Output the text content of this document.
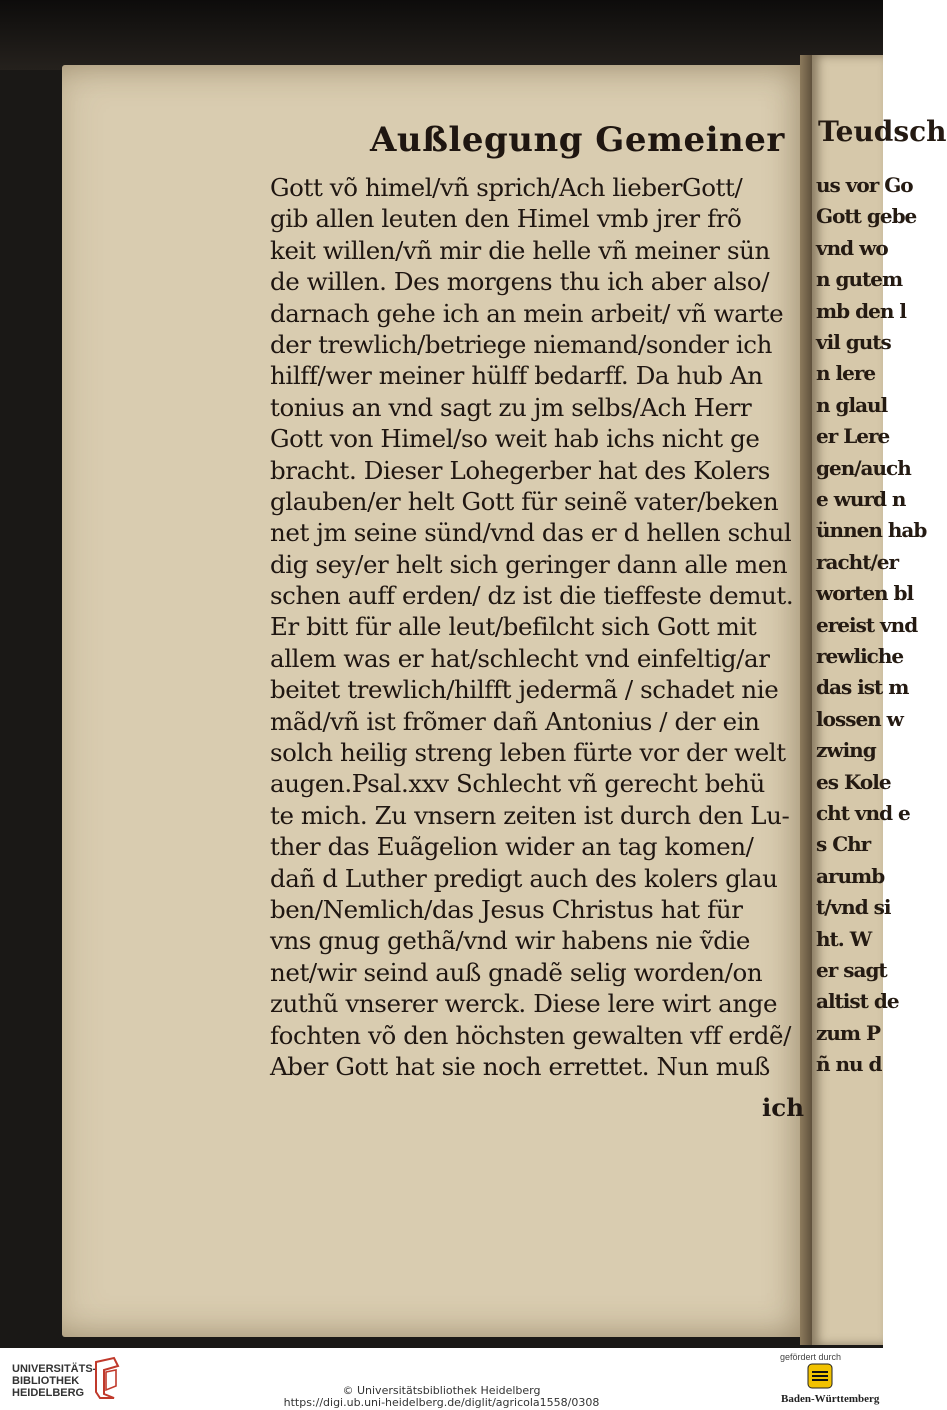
Teudsch
us vor Go
Gott gebe
vnd wo
n gutem
mb den l
vil guts
n lere
n glaul
er Lere
gen/auch
e wurd n
ünnen hab
racht/er
worten bl
ereist vnd
rewliche
das ist m
lossen w
zwing
es Kole
cht vnd e
s Chr
arumb
t/vnd si
ht. W
er sagt
altist de
zum P
ñ nu d
Außlegung Gemeiner
Gott võ himel/vñ sprich/Ach lieberGott/
gib allen leuten den Himel vmb jrer frõ
keit willen/vñ mir die helle vñ meiner sün
de willen. Des morgens thu ich aber also/
darnach gehe ich an mein arbeit/ vñ warte
der trewlich/betriege niemand/sonder ich
hilff/wer meiner hülff bedarff. Da hub An
tonius an vnd sagt zu jm selbs/Ach Herr
Gott von Himel/so weit hab ichs nicht ge
bracht. Dieser Lohegerber hat des Kolers
glauben/er helt Gott für seinẽ vater/beken
net jm seine sünd/vnd das er d hellen schul
dig sey/er helt sich geringer dann alle men
schen auff erden/ dz ist die tieffeste demut.
Er bitt für alle leut/befilcht sich Gott mit
allem was er hat/schlecht vnd einfeltig/ar
beitet trewlich/hilfft jedermã / schadet nie
mãd/vñ ist frõmer dañ Antonius / der ein
solch heilig streng leben fürte vor der welt
augen.Psal.xxv Schlecht vñ gerecht behü
te mich. Zu vnsern zeiten ist durch den Lu-
ther das Euãgelion wider an tag komen/
dañ d Luther predigt auch des kolers glau
ben/Nemlich/das Jesus Christus hat für
vns gnug gethã/vnd wir habens nie ṽdie
net/wir seind auß gnadẽ selig worden/on
zuthũ vnserer werck. Diese lere wirt ange
fochten võ den höchsten gewalten vff erdẽ/
Aber Gott hat sie noch errettet. Nun muß
ich
UNIVERSITÄTS-
BIBLIOTHEK
HEIDELBERG	© Universitätsbibliothek Heidelberg
https://digi.ub.uni-heidelberg.de/diglit/agricola1558/0308
gefördert durch
Baden-Württemberg
